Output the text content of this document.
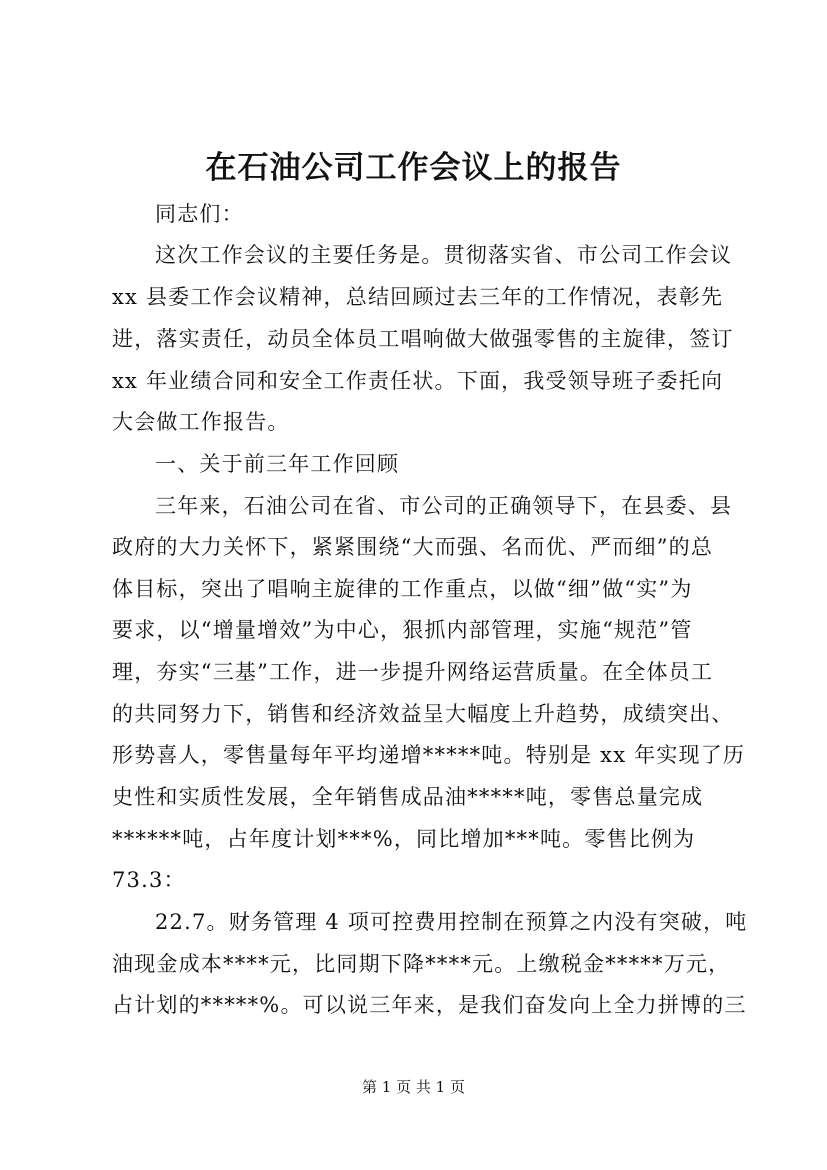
在石油公司工作会议上的报告
同志们：
这次工作会议的主要任务是。贯彻落实省、市公司工作会议
xx 县委工作会议精神，总结回顾过去三年的工作情况，表彰先
进，落实责任，动员全体员工唱响做大做强零售的主旋律，签订
xx 年业绩合同和安全工作责任状。下面，我受领导班子委托向
大会做工作报告。
一、关于前三年工作回顾
三年来，石油公司在省、市公司的正确领导下，在县委、县
政府的大力关怀下，紧紧围绕“大而强、名而优、严而细”的总
体目标，突出了唱响主旋律的工作重点，以做“细”做“实”为
要求，以“增量增效”为中心，狠抓内部管理，实施“规范”管
理，夯实“三基”工作，进一步提升网络运营质量。在全体员工
的共同努力下，销售和经济效益呈大幅度上升趋势，成绩突出、
形势喜人，零售量每年平均递增*****吨。特别是 xx 年实现了历
史性和实质性发展，全年销售成品油*****吨，零售总量完成
******吨，占年度计划***%，同比增加***吨。零售比例为
73.3：
22.7。财务管理 4 项可控费用控制在预算之内没有突破，吨
油现金成本****元，比同期下降****元。上缴税金*****万元，
占计划的*****%。可以说三年来，是我们奋发向上全力拼博的三
第 1 页 共 1 页
